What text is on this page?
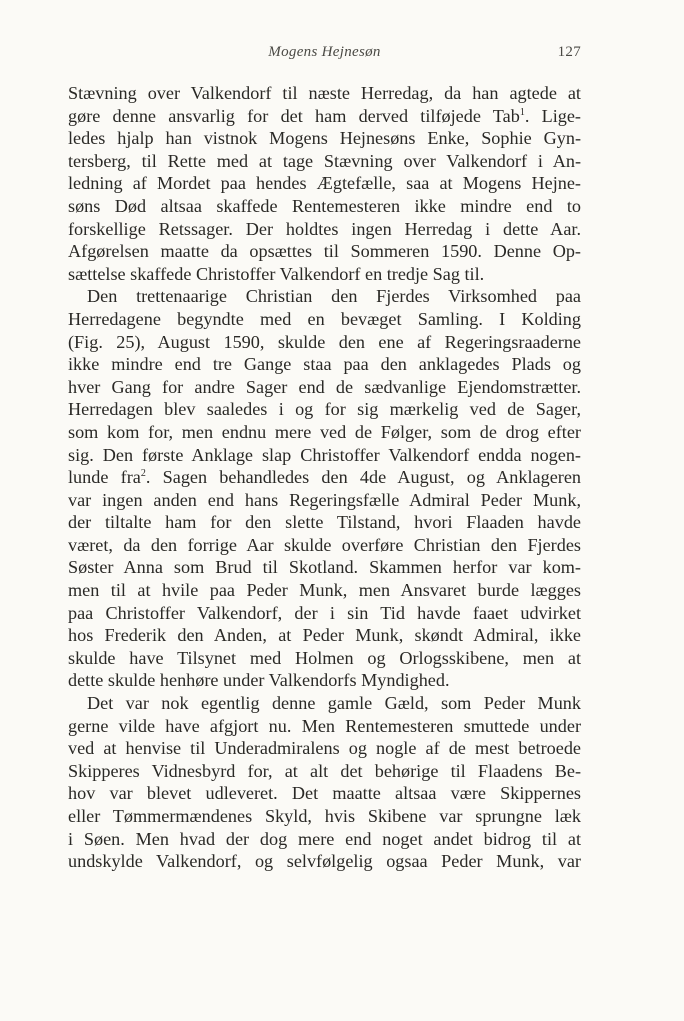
Mogens Hejnesøn	127
Stævning over Valkendorf til næste Herredag, da han agtede at
gøre denne ansvarlig for det ham derved tilføjede Tab$^1$. Lige-
ledes hjalp han vistnok Mogens Hejnesøns Enke, Sophie Gyn-
tersberg, til Rette med at tage Stævning over Valkendorf i An-
ledning af Mordet paa hendes Ægtefælle, saa at Mogens Hejne-
søns Død altsaa skaffede Rentemesteren ikke mindre end to
forskellige Retssager. Der holdtes ingen Herredag i dette Aar.
Afgørelsen maatte da opsættes til Sommeren 1590. Denne Op-
sættelse skaffede Christoffer Valkendorf en tredje Sag til.
Den trettenaarige Christian den Fjerdes Virksomhed paa
Herredagene begyndte med en bevæget Samling. I Kolding
(Fig. 25), August 1590, skulde den ene af Regeringsraaderne
ikke mindre end tre Gange staa paa den anklagedes Plads og
hver Gang for andre Sager end de sædvanlige Ejendomstrætter.
Herredagen blev saaledes i og for sig mærkelig ved de Sager,
som kom for, men endnu mere ved de Følger, som de drog efter
sig. Den første Anklage slap Christoffer Valkendorf endda nogen-
lunde fra$^2$. Sagen behandledes den 4de August, og Anklageren
var ingen anden end hans Regeringsfælle Admiral Peder Munk,
der tiltalte ham for den slette Tilstand, hvori Flaaden havde
været, da den forrige Aar skulde overføre Christian den Fjerdes
Søster Anna som Brud til Skotland. Skammen herfor var kom-
men til at hvile paa Peder Munk, men Ansvaret burde lægges
paa Christoffer Valkendorf, der i sin Tid havde faaet udvirket
hos Frederik den Anden, at Peder Munk, skøndt Admiral, ikke
skulde have Tilsynet med Holmen og Orlogsskibene, men at
dette skulde henhøre under Valkendorfs Myndighed.
Det var nok egentlig denne gamle Gæld, som Peder Munk
gerne vilde have afgjort nu. Men Rentemesteren smuttede under
ved at henvise til Underadmiralens og nogle af de mest betroede
Skipperes Vidnesbyrd for, at alt det behørige til Flaadens Be-
hov var blevet udleveret. Det maatte altsaa være Skippernes
eller Tømmermændenes Skyld, hvis Skibene var sprungne læk
i Søen. Men hvad der dog mere end noget andet bidrog til at
undskylde Valkendorf, og selvfølgelig ogsaa Peder Munk, var
